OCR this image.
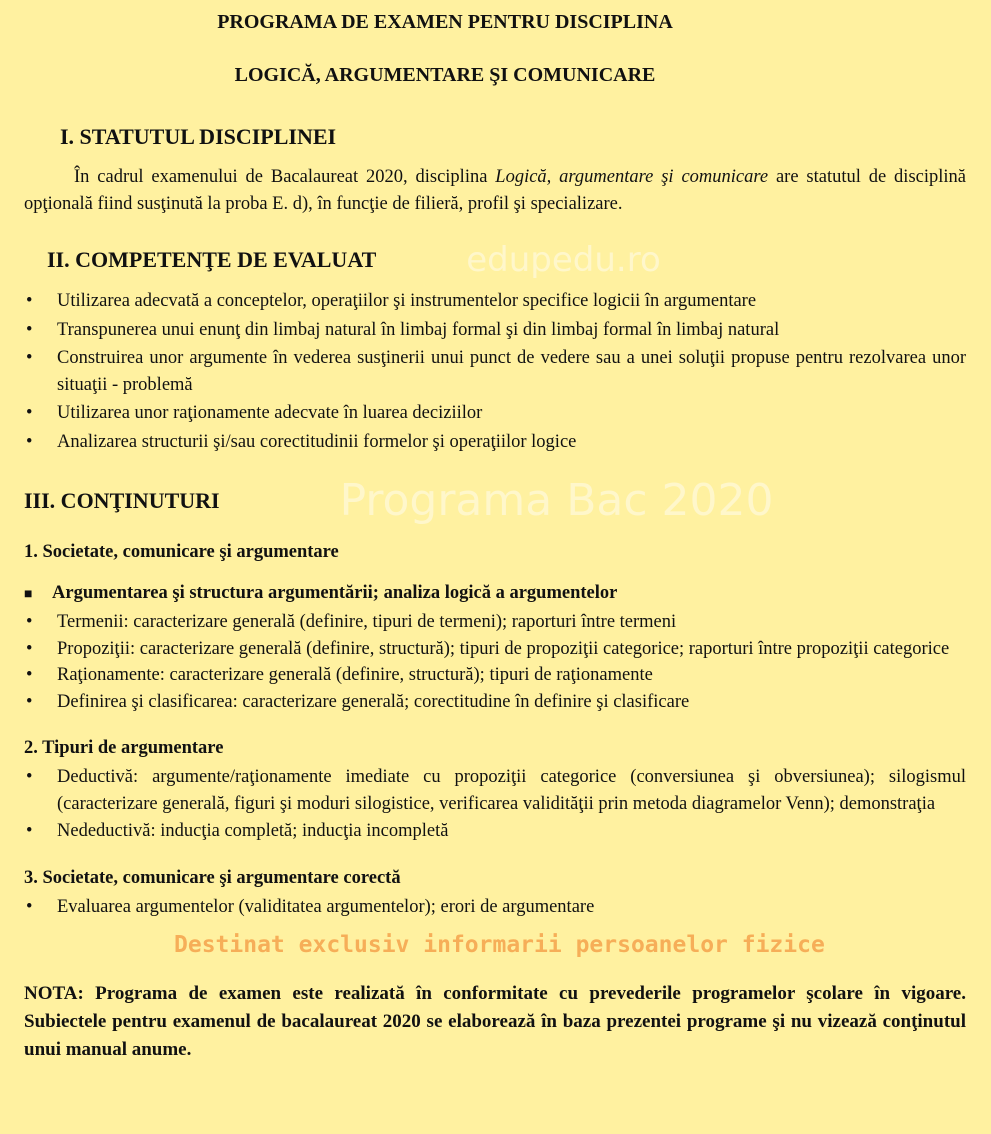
PROGRAMA DE EXAMEN PENTRU DISCIPLINA
LOGICĂ, ARGUMENTARE ŞI COMUNICARE
I. STATUTUL DISCIPLINEI
În cadrul examenului de Bacalaureat 2020, disciplina Logică, argumentare şi comunicare are statutul de disciplină opţională fiind susţinută la proba E. d), în funcţie de filieră, profil şi specializare.
II. COMPETENŢE DE EVALUAT	edupedu.ro
• Utilizarea adecvată a conceptelor, operaţiilor şi instrumentelor specifice logicii în argumentare
• Transpunerea unui enunţ din limbaj natural în limbaj formal şi din limbaj formal în limbaj natural
• Construirea unor argumente în vederea susţinerii unui punct de vedere sau a unei soluţii propuse pentru rezolvarea unor situaţii - problemă
• Utilizarea unor raţionamente adecvate în luarea deciziilor
• Analizarea structurii şi/sau corectitudinii formelor şi operaţiilor logice
III. CONŢINUTURI	Programa Bac 2020
1. Societate, comunicare şi argumentare
■ Argumentarea şi structura argumentării; analiza logică a argumentelor
• Termenii: caracterizare generală (definire, tipuri de termeni); raporturi între termeni
• Propoziţii: caracterizare generală (definire, structură); tipuri de propoziţii categorice; raporturi între propoziţii categorice
• Raţionamente: caracterizare generală (definire, structură); tipuri de raţionamente
• Definirea şi clasificarea: caracterizare generală; corectitudine în definire şi clasificare
2. Tipuri de argumentare
• Deductivă: argumente/raţionamente imediate cu propoziţii categorice (conversiunea şi obversiunea); silogismul (caracterizare generală, figuri şi moduri silogistice, verificarea validităţii prin metoda diagramelor Venn); demonstraţia
• Nedeductivă: inducţia completă; inducţia incompletă
3. Societate, comunicare şi argumentare corectă
• Evaluarea argumentelor (validitatea argumentelor); erori de argumentare
Destinat exclusiv informarii persoanelor fizice
NOTA: Programa de examen este realizată în conformitate cu prevederile programelor şcolare în vigoare. Subiectele pentru examenul de bacalaureat 2020 se elaborează în baza prezentei programe şi nu vizează conţinutul unui manual anume.
